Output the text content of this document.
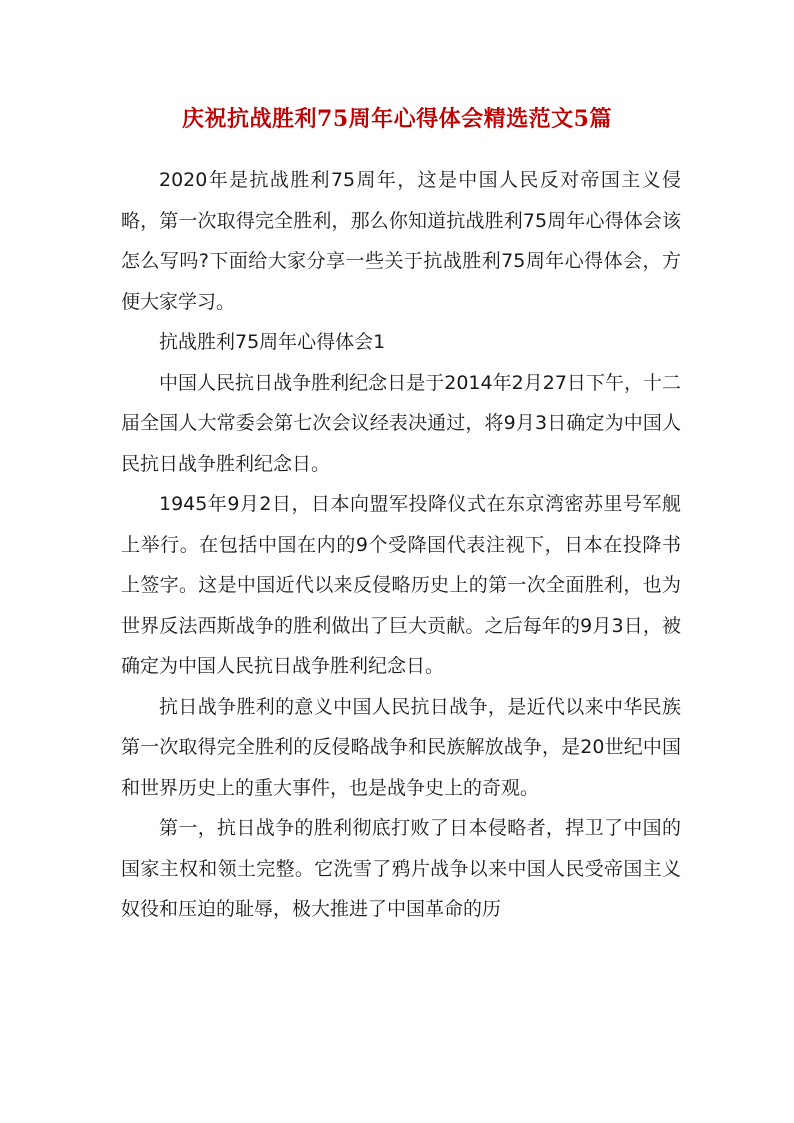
庆祝抗战胜利75周年心得体会精选范文5篇

2020年是抗战胜利75周年，这是中国人民反对帝国主义侵略，第一次取得完全胜利，那么你知道抗战胜利75周年心得体会该怎么写吗?下面给大家分享一些关于抗战胜利75周年心得体会，方便大家学习。

抗战胜利75周年心得体会1

中国人民抗日战争胜利纪念日是于2014年2月27日下午，十二届全国人大常委会第七次会议经表决通过，将9月3日确定为中国人民抗日战争胜利纪念日。

1945年9月2日，日本向盟军投降仪式在东京湾密苏里号军舰上举行。在包括中国在内的9个受降国代表注视下，日本在投降书上签字。这是中国近代以来反侵略历史上的第一次全面胜利，也为世界反法西斯战争的胜利做出了巨大贡献。之后每年的9月3日，被确定为中国人民抗日战争胜利纪念日。

抗日战争胜利的意义中国人民抗日战争，是近代以来中华民族第一次取得完全胜利的反侵略战争和民族解放战争，是20世纪中国和世界历史上的重大事件，也是战争史上的奇观。

第一，抗日战争的胜利彻底打败了日本侵略者，捍卫了中国的国家主权和领土完整。它洗雪了鸦片战争以来中国人民受帝国主义奴役和压迫的耻辱，极大推进了中国革命的历
